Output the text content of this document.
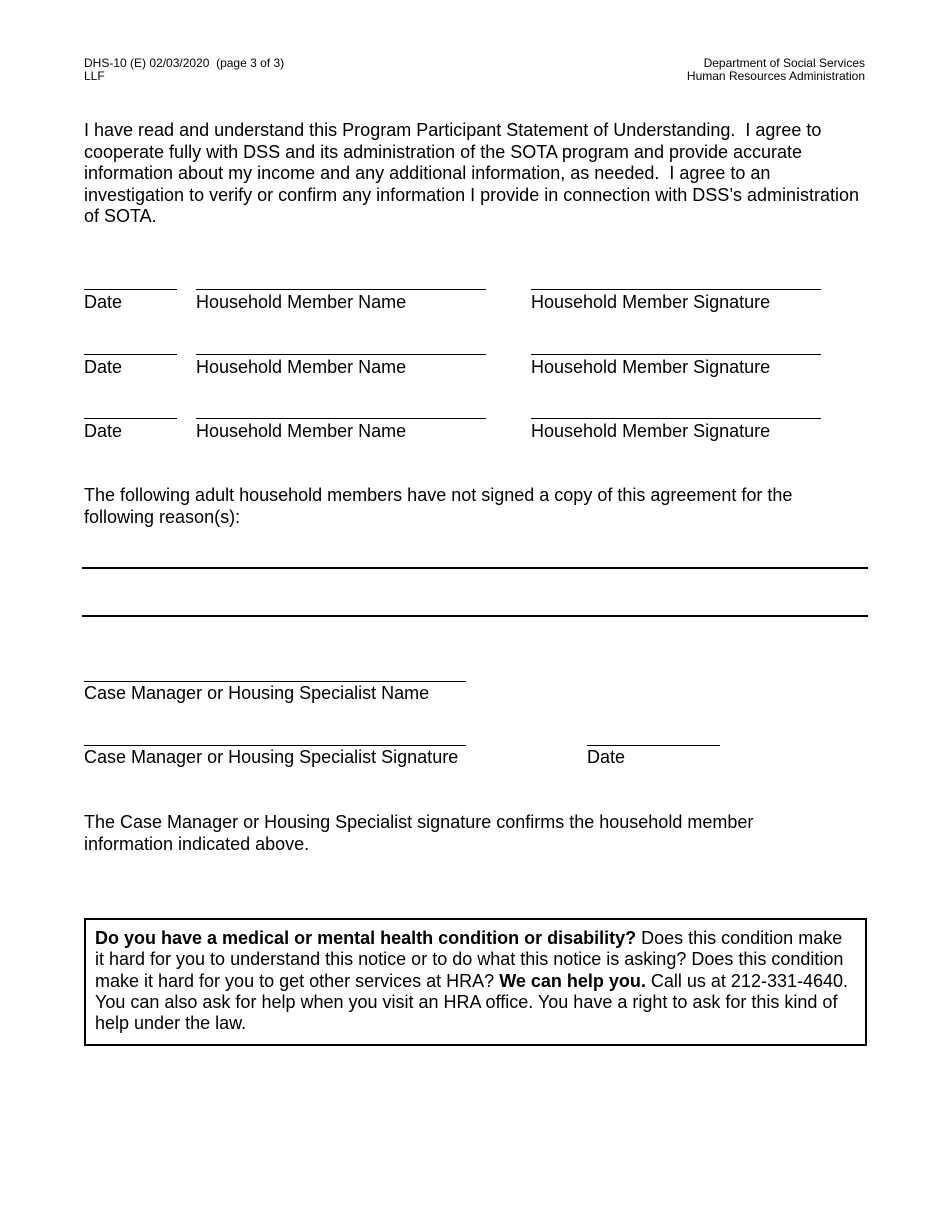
DHS-10 (E) 02/03/2020  (page 3 of 3)
LLF
Department of Social Services
Human Resources Administration
I have read and understand this Program Participant Statement of Understanding.  I agree to cooperate fully with DSS and its administration of the SOTA program and provide accurate information about my income and any additional information, as needed.  I agree to an investigation to verify or confirm any information I provide in connection with DSS’s administration of SOTA.
Date	Household Member Name	Household Member Signature
Date	Household Member Name	Household Member Signature
Date	Household Member Name	Household Member Signature
The following adult household members have not signed a copy of this agreement for the following reason(s):
Case Manager or Housing Specialist Name
Case Manager or Housing Specialist Signature	Date
The Case Manager or Housing Specialist signature confirms the household member information indicated above.
Do you have a medical or mental health condition or disability? Does this condition make it hard for you to understand this notice or to do what this notice is asking? Does this condition make it hard for you to get other services at HRA? We can help you. Call us at 212-331-4640. You can also ask for help when you visit an HRA office. You have a right to ask for this kind of help under the law.
